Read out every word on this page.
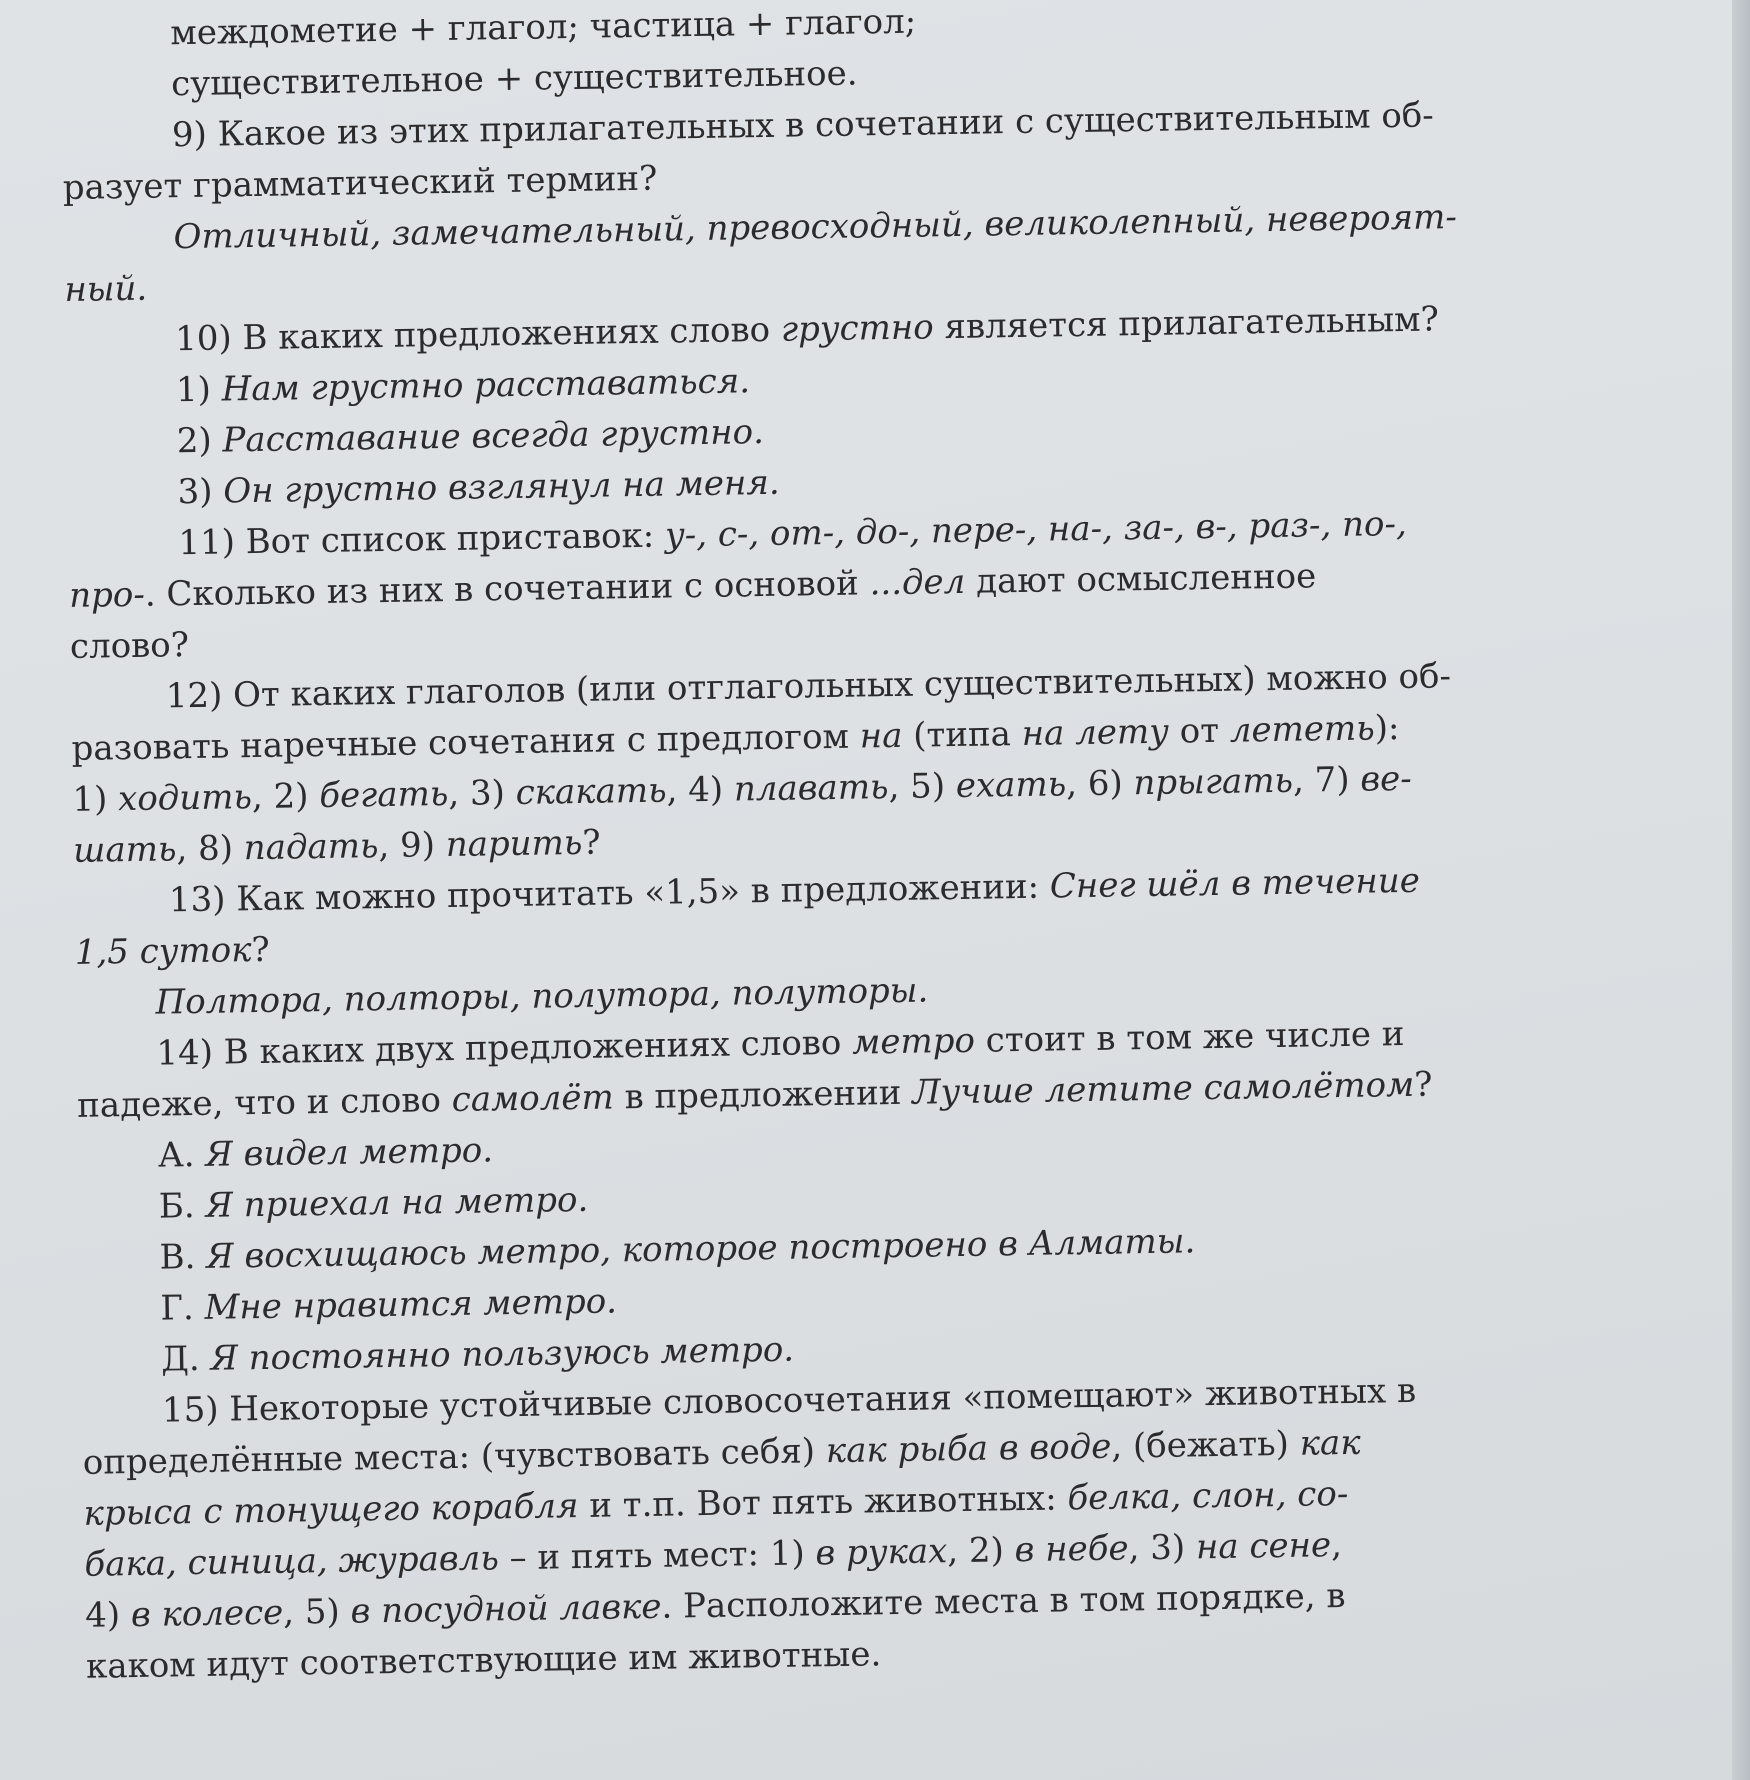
междометие + глагол; частица + глагол;
существительное + существительное.
9) Какое из этих прилагательных в сочетании с существительным об-
разует грамматический термин?
Отличный, замечательный, превосходный, великолепный, невероят-
ный.
10) В каких предложениях слово грустно является прилагательным?
1) Нам грустно расставаться.
2) Расставание всегда грустно.
3) Он грустно взглянул на меня.
11) Вот список приставок: у-, с-, от-, до-, пере-, на-, за-, в-, раз-, по-,
про-. Сколько из них в сочетании с основой ...дел дают осмысленное
слово?
12) От каких глаголов (или отглагольных существительных) можно об-
разовать наречные сочетания с предлогом на (типа на лету от лететь):
1) ходить, 2) бегать, 3) скакать, 4) плавать, 5) ехать, 6) прыгать, 7) ве-
шать, 8) падать, 9) парить?
13) Как можно прочитать «1,5» в предложении: Снег шёл в течение
1,5 суток?
Полтора, полторы, полутора, полуторы.
14) В каких двух предложениях слово метро стоит в том же числе и
падеже, что и слово самолёт в предложении Лучше летите самолётом?
А. Я видел метро.
Б. Я приехал на метро.
В. Я восхищаюсь метро, которое построено в Алматы.
Г. Мне нравится метро.
Д. Я постоянно пользуюсь метро.
15) Некоторые устойчивые словосочетания «помещают» животных в
определённые места: (чувствовать себя) как рыба в воде, (бежать) как
крыса с тонущего корабля и т.п. Вот пять животных: белка, слон, со-
бака, синица, журавль – и пять мест: 1) в руках, 2) в небе, 3) на сене,
4) в колесе, 5) в посудной лавке. Расположите места в том порядке, в
каком идут соответствующие им животные.
